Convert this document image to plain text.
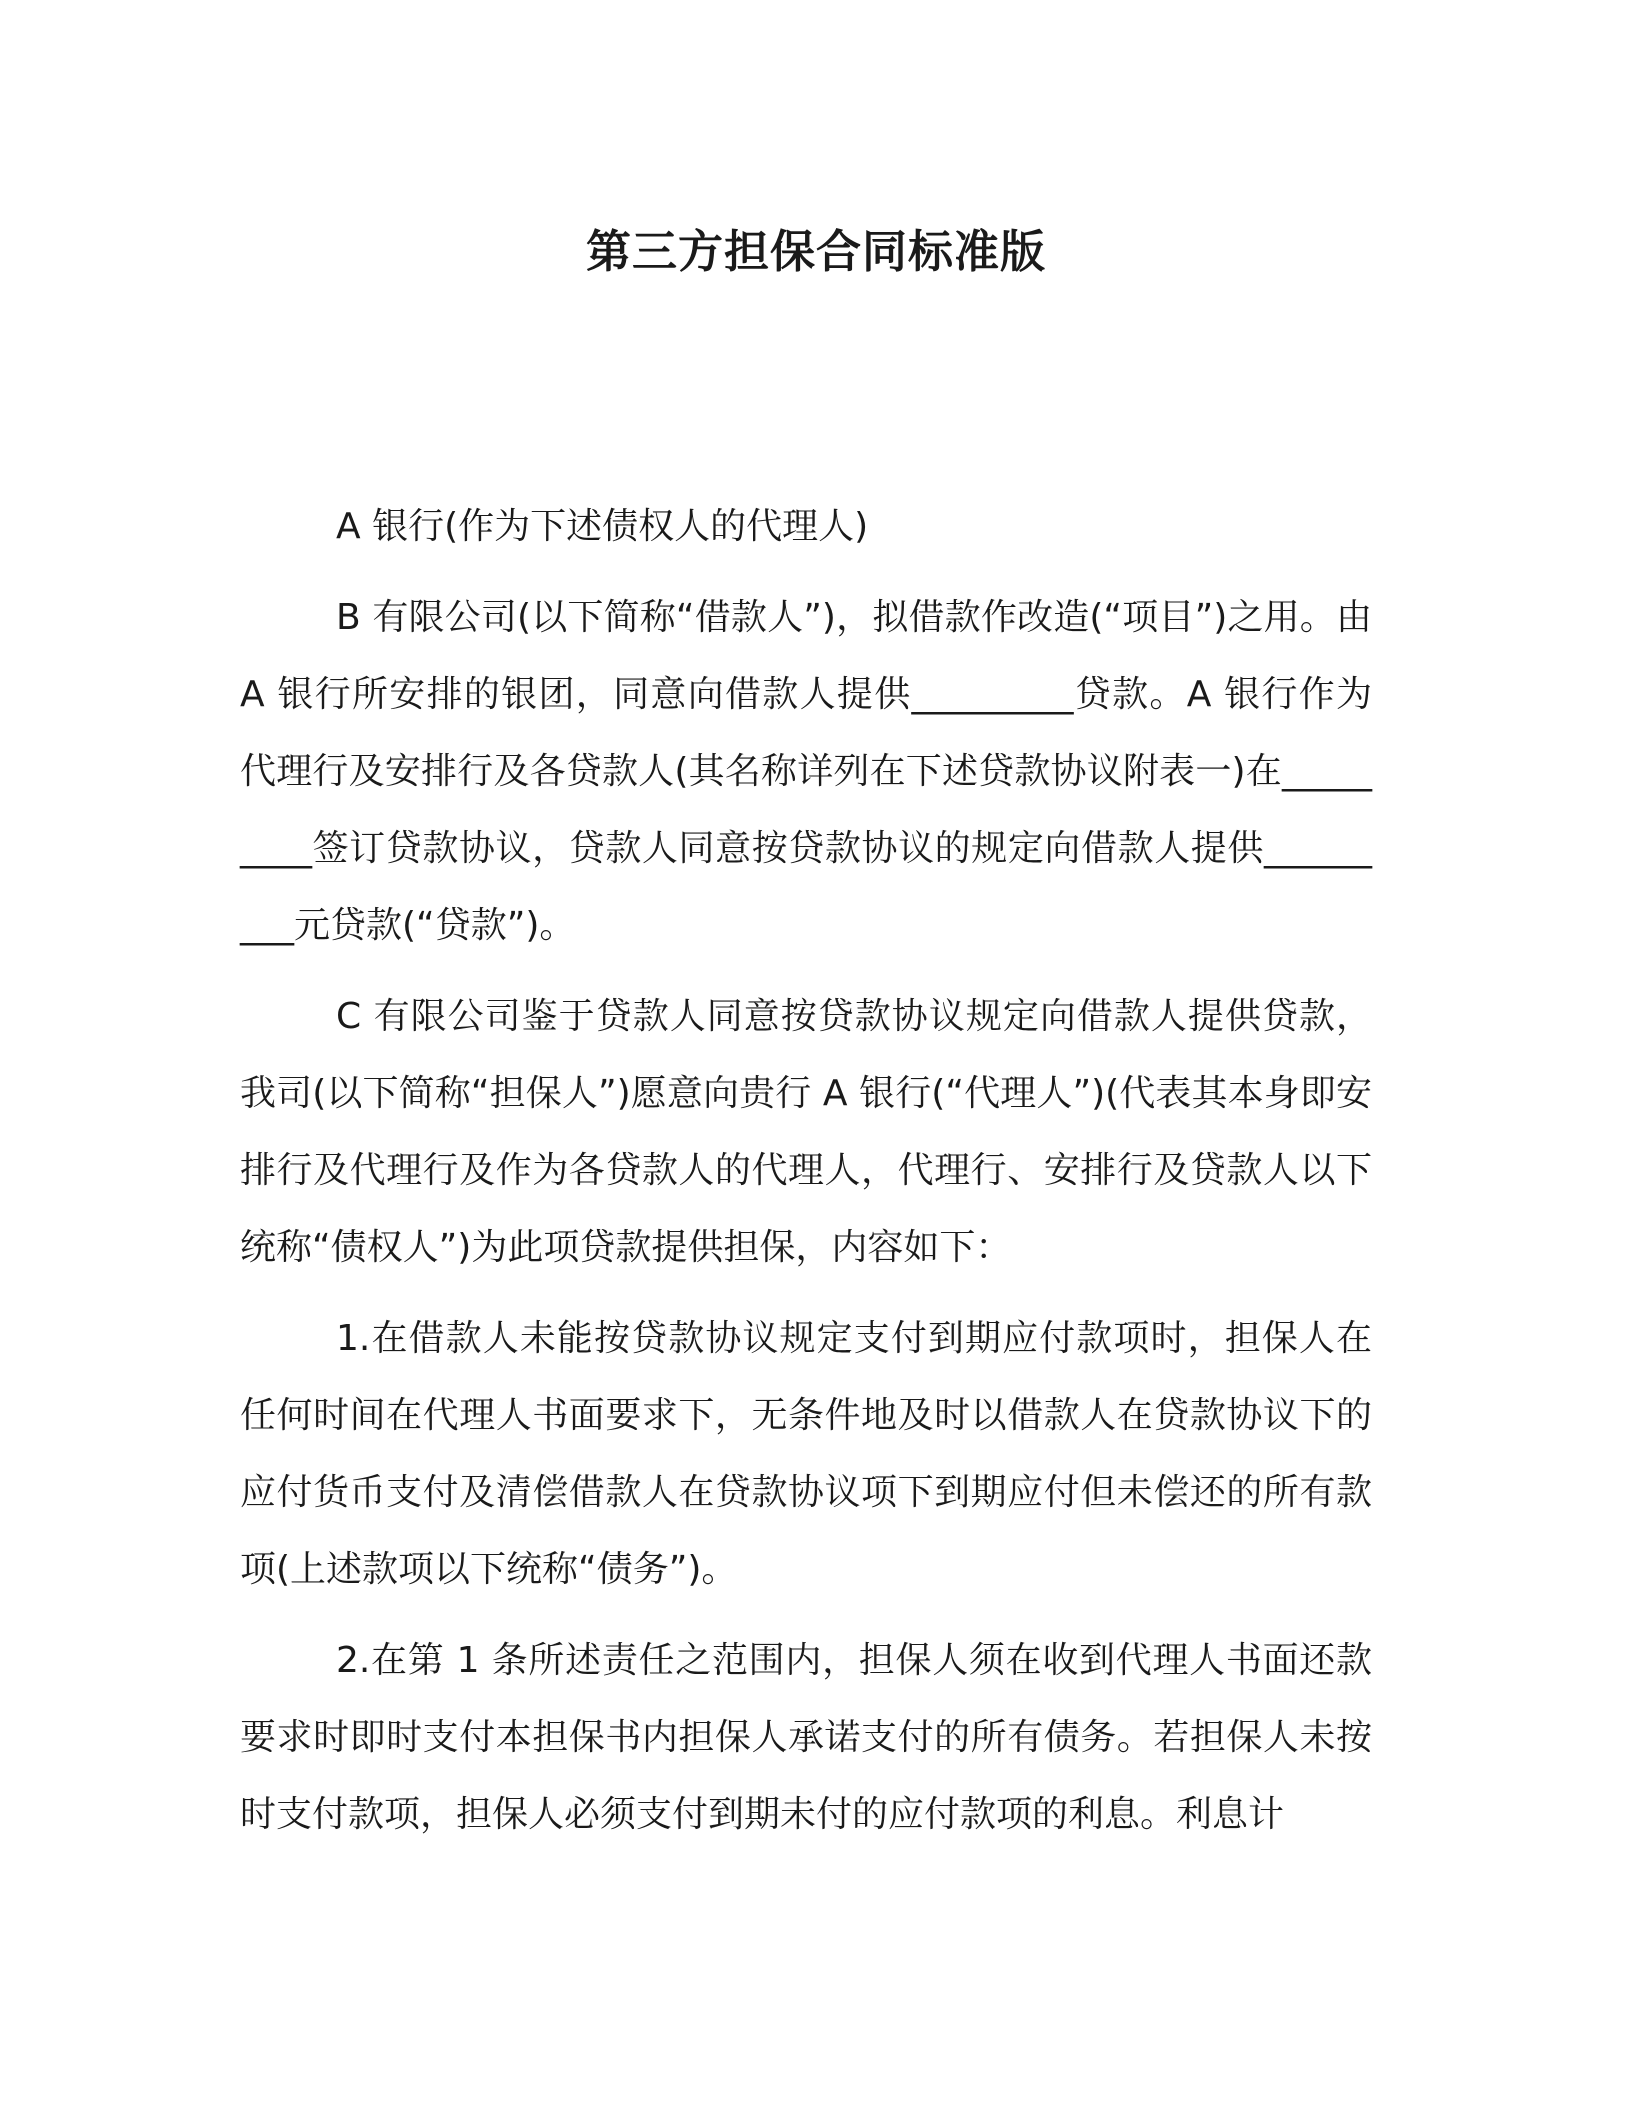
第三方担保合同标准版

A 银行(作为下述债权人的代理人)

B 有限公司(以下简称“借款人”)，拟借款作改造(“项目”)之用。由 A 银行所安排的银团，同意向借款人提供_________贷款。A 银行作为代理行及安排行及各贷款人(其名称详列在下述贷款协议附表一)在_________签订贷款协议，贷款人同意按贷款协议的规定向借款人提供_________元贷款(“贷款”)。

C 有限公司鉴于贷款人同意按贷款协议规定向借款人提供贷款，我司(以下简称“担保人”)愿意向贵行 A 银行(“代理人”)(代表其本身即安排行及代理行及作为各贷款人的代理人，代理行、安排行及贷款人以下统称“债权人”)为此项贷款提供担保，内容如下：

1.在借款人未能按贷款协议规定支付到期应付款项时，担保人在任何时间在代理人书面要求下，无条件地及时以借款人在贷款协议下的应付货币支付及清偿借款人在贷款协议项下到期应付但未偿还的所有款项(上述款项以下统称“债务”)。

2.在第 1 条所述责任之范围内，担保人须在收到代理人书面还款要求时即时支付本担保书内担保人承诺支付的所有债务。若担保人未按时支付款项，担保人必须支付到期未付的应付款项的利息。利息计
